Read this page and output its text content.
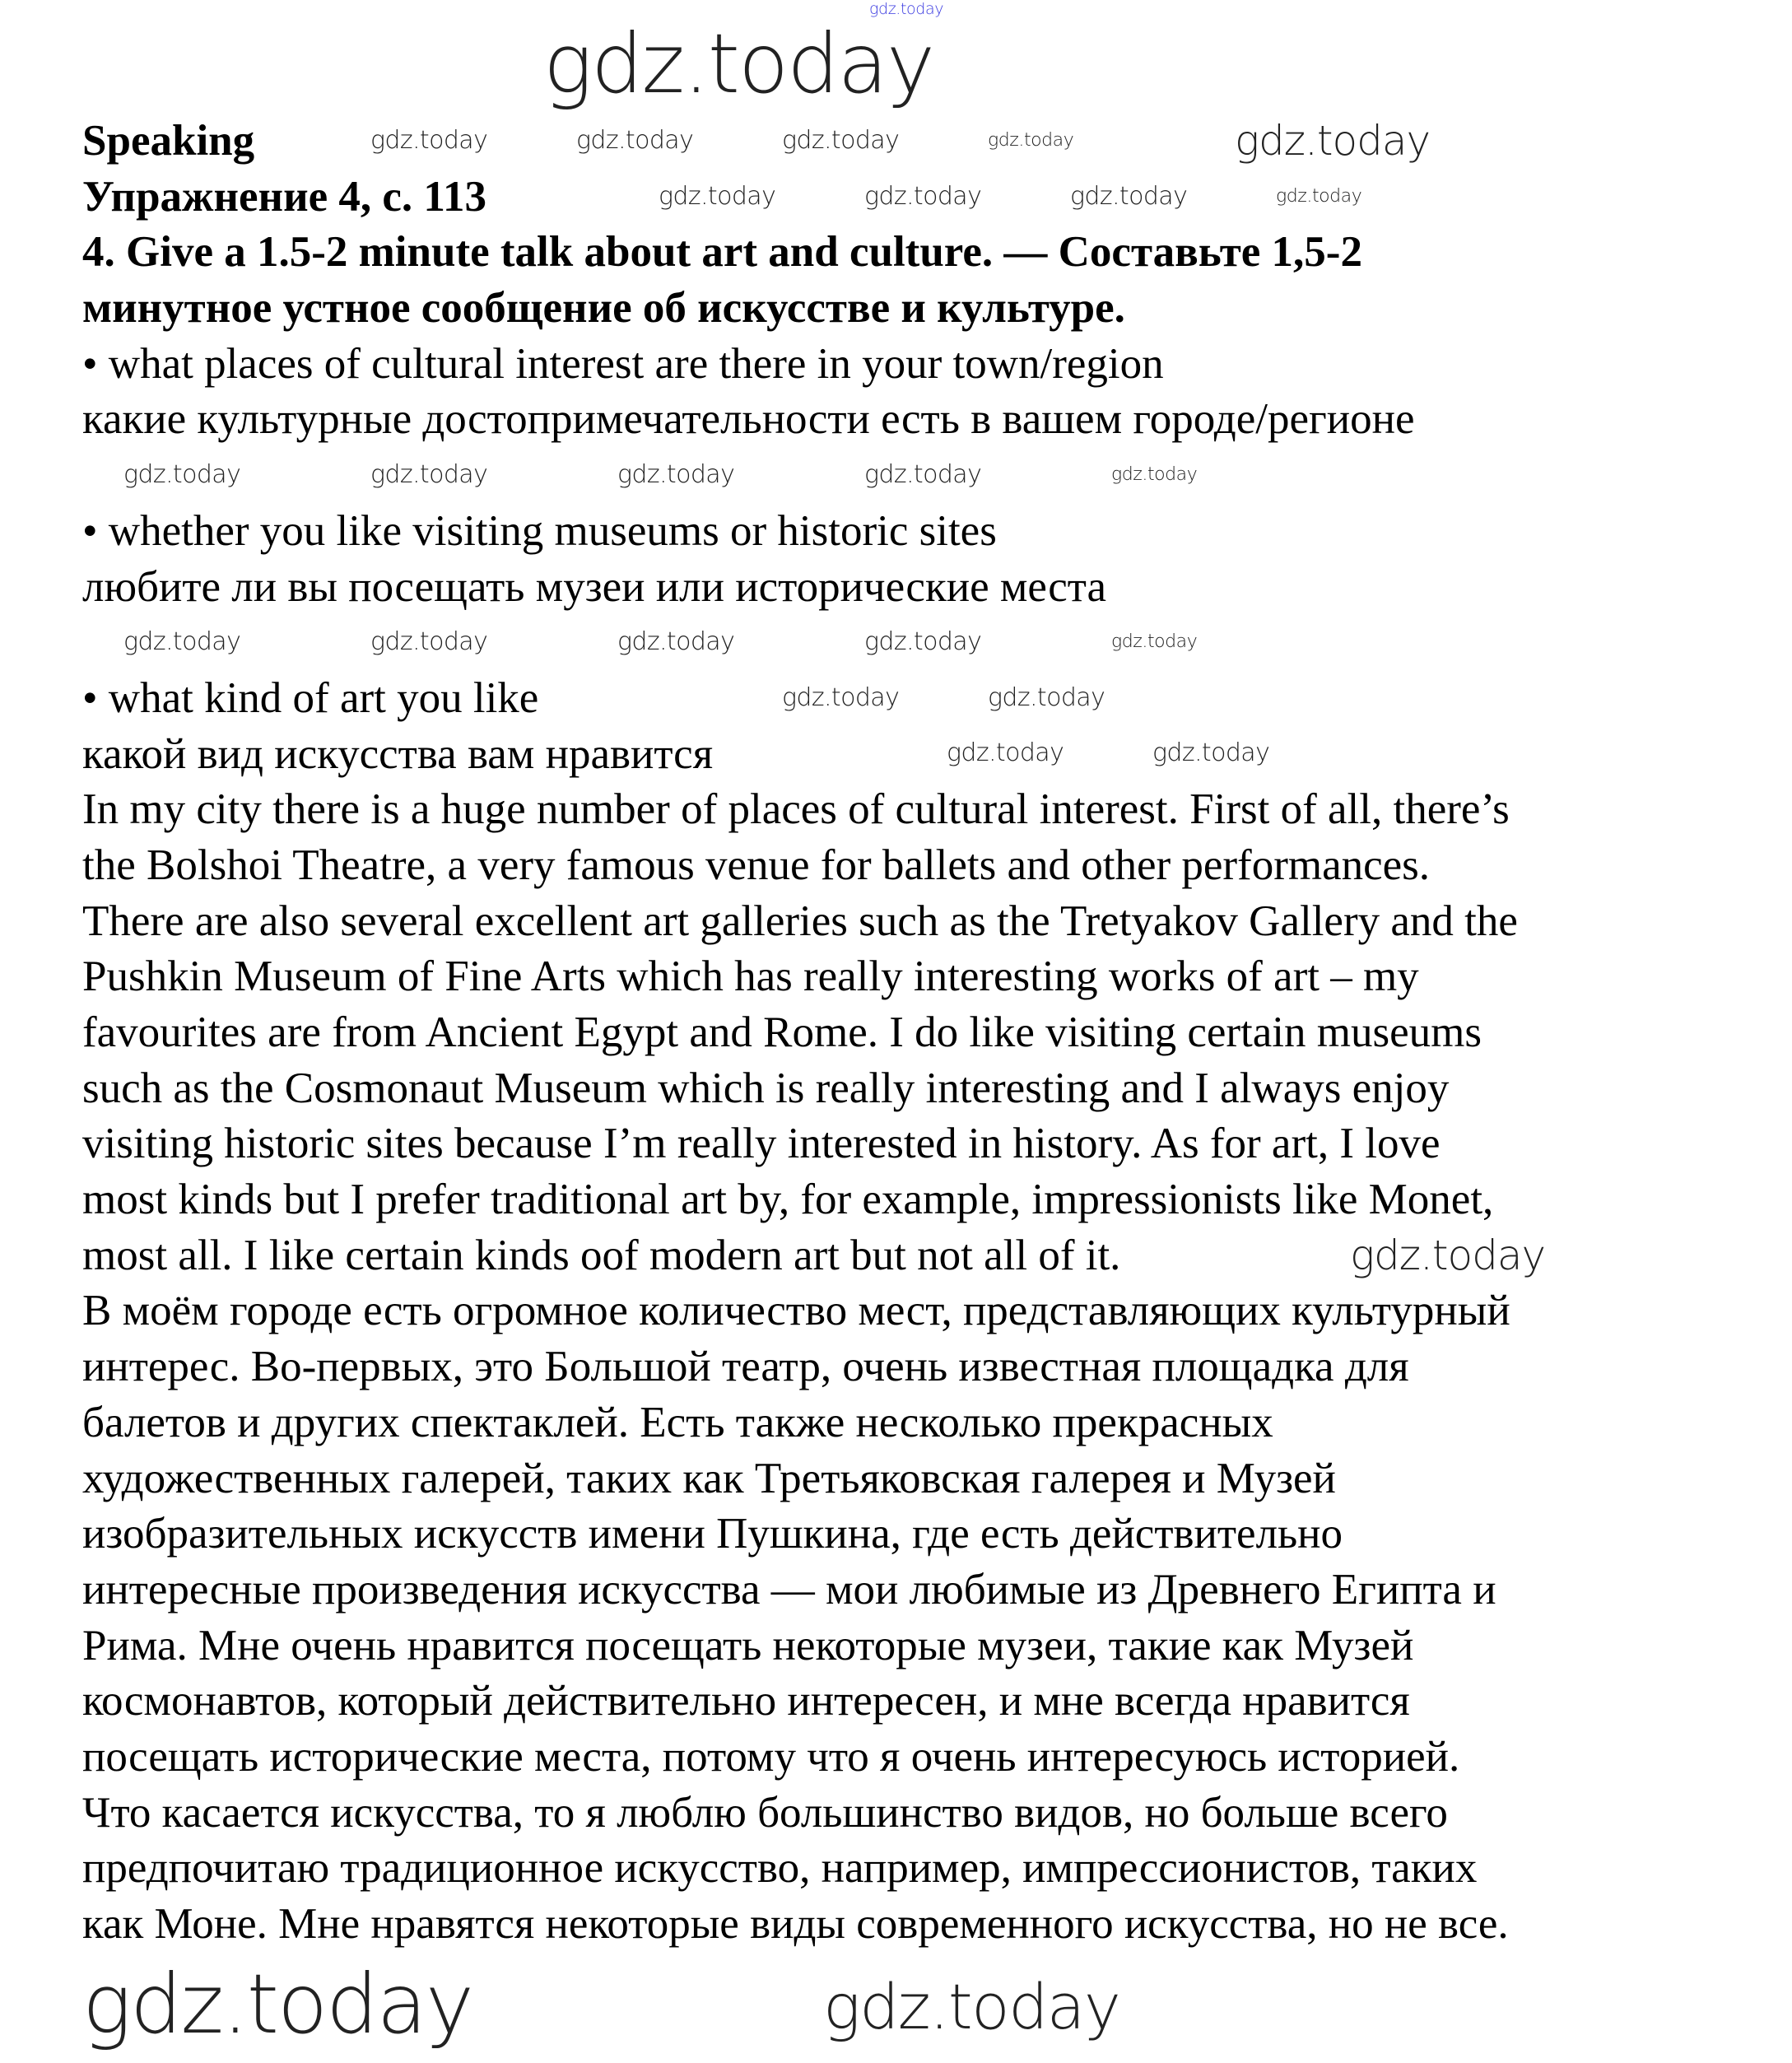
Speaking
Упражнение 4, с. 113
4. Give a 1.5-2 minute talk about art and culture. — Составьте 1,5-2
минутное устное сообщение об искусстве и культуре.
• what places of cultural interest are there in your town/region
какие культурные достопримечательности есть в вашем городе/регионе
• whether you like visiting museums or historic sites
любите ли вы посещать музеи или исторические места
• what kind of art you like
какой вид искусства вам нравится
In my city there is a huge number of places of cultural interest. First of all, there’s
the Bolshoi Theatre, a very famous venue for ballets and other performances.
There are also several excellent art galleries such as the Tretyakov Gallery and the
Pushkin Museum of Fine Arts which has really interesting works of art – my
favourites are from Ancient Egypt and Rome. I do like visiting certain museums
such as the Cosmonaut Museum which is really interesting and I always enjoy
visiting historic sites because I’m really interested in history. As for art, I love
most kinds but I prefer traditional art by, for example, impressionists like Monet,
most all. I like certain kinds oof modern art but not all of it.
В моём городе есть огромное количество мест, представляющих культурный
интерес. Во-первых, это Большой театр, очень известная площадка для
балетов и других спектаклей. Есть также несколько прекрасных
художественных галерей, таких как Третьяковская галерея и Музей
изобразительных искусств имени Пушкина, где есть действительно
интересные произведения искусства — мои любимые из Древнего Египта и
Рима. Мне очень нравится посещать некоторые музеи, такие как Музей
космонавтов, который действительно интересен, и мне всегда нравится
посещать исторические места, потому что я очень интересуюсь историей.
Что касается искусства, то я люблю большинство видов, но больше всего
предпочитаю традиционное искусство, например, импрессионистов, таких
как Моне. Мне нравятся некоторые виды современного искусства, но не все.
gdz.today
gdz.today
gdz.today	gdz.today
gdz.today
gdz.today	gdz.today	gdz.today	gdz.today
gdz.today	gdz.today	gdz.today	gdz.today
gdz.today	gdz.today	gdz.today	gdz.today	gdz.today
gdz.today	gdz.today	gdz.today	gdz.today	gdz.today
gdz.today	gdz.today
gdz.today	gdz.today
gdz.today
